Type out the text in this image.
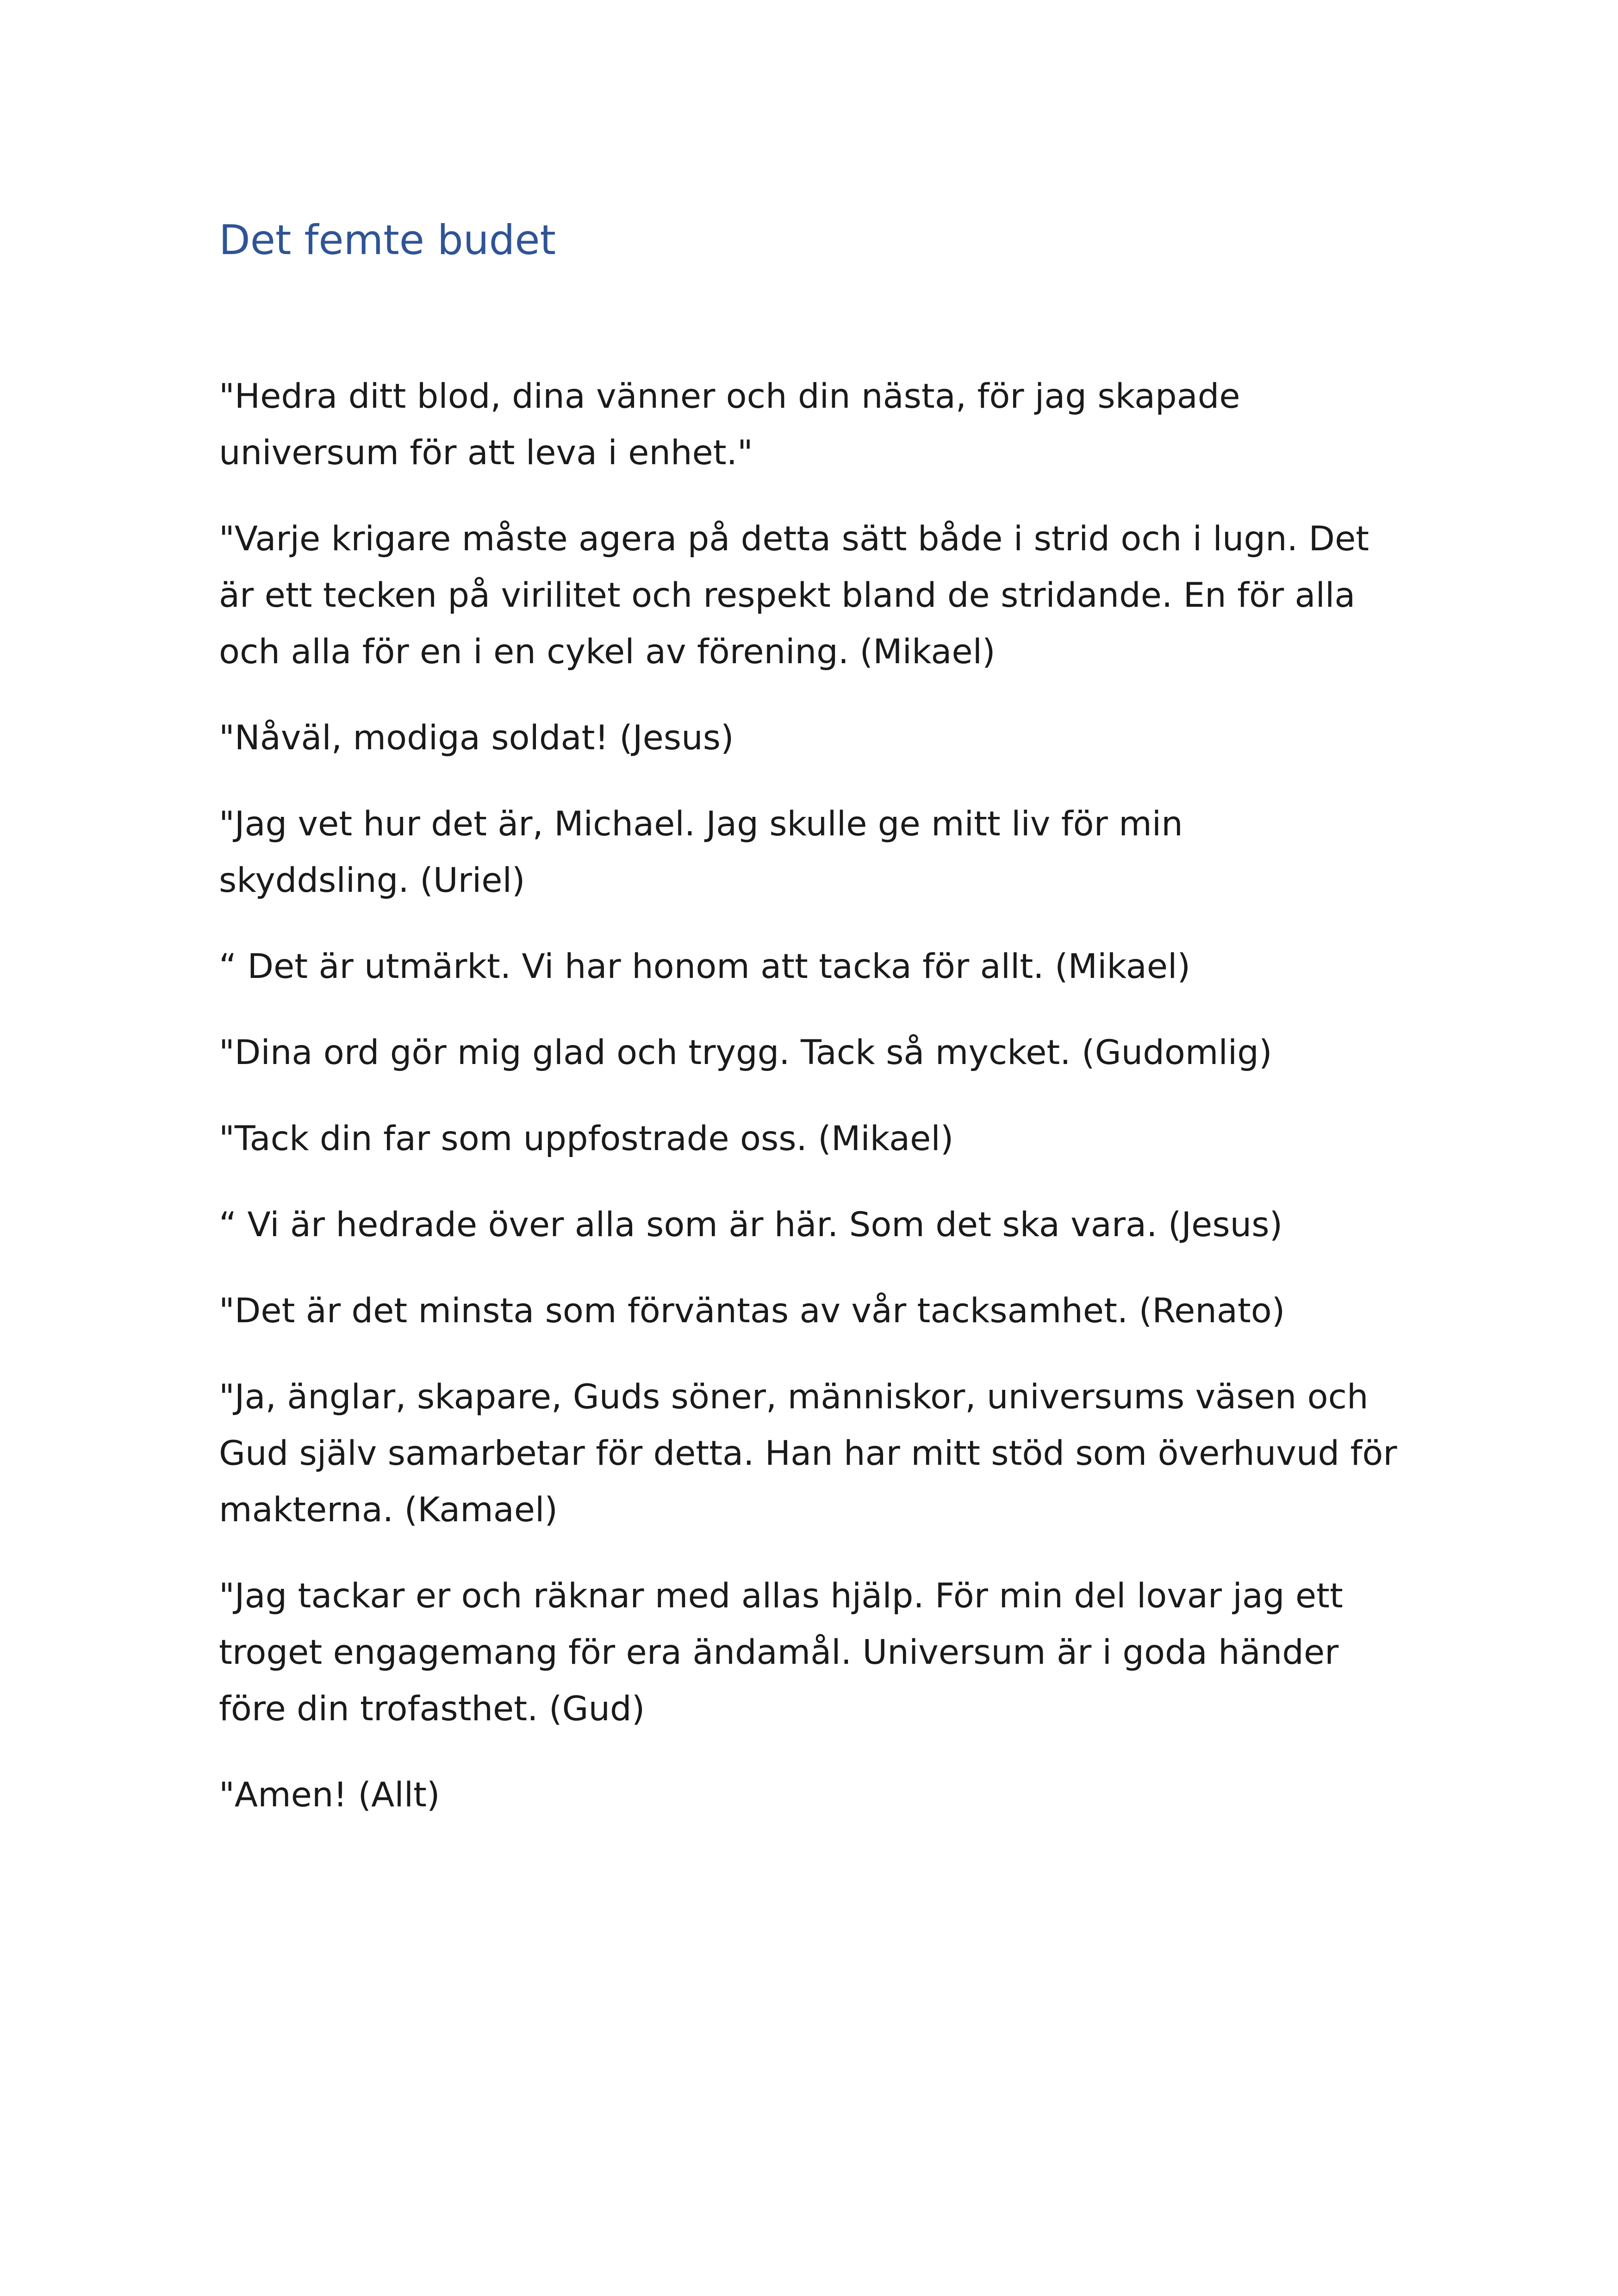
Det femte budet

"Hedra ditt blod, dina vänner och din nästa, för jag skapade
universum för att leva i enhet."

"Varje krigare måste agera på detta sätt både i strid och i lugn. Det
är ett tecken på virilitet och respekt bland de stridande. En för alla
och alla för en i en cykel av förening. (Mikael)

"Nåväl, modiga soldat! (Jesus)

"Jag vet hur det är, Michael. Jag skulle ge mitt liv för min
skyddsling. (Uriel)

“ Det är utmärkt. Vi har honom att tacka för allt. (Mikael)

"Dina ord gör mig glad och trygg. Tack så mycket. (Gudomlig)

"Tack din far som uppfostrade oss. (Mikael)

“ Vi är hedrade över alla som är här. Som det ska vara. (Jesus)

"Det är det minsta som förväntas av vår tacksamhet. (Renato)

"Ja, änglar, skapare, Guds söner, människor, universums väsen och
Gud själv samarbetar för detta. Han har mitt stöd som överhuvud för
makterna. (Kamael)

"Jag tackar er och räknar med allas hjälp. För min del lovar jag ett
troget engagemang för era ändamål. Universum är i goda händer
före din trofasthet. (Gud)

"Amen! (Allt)
